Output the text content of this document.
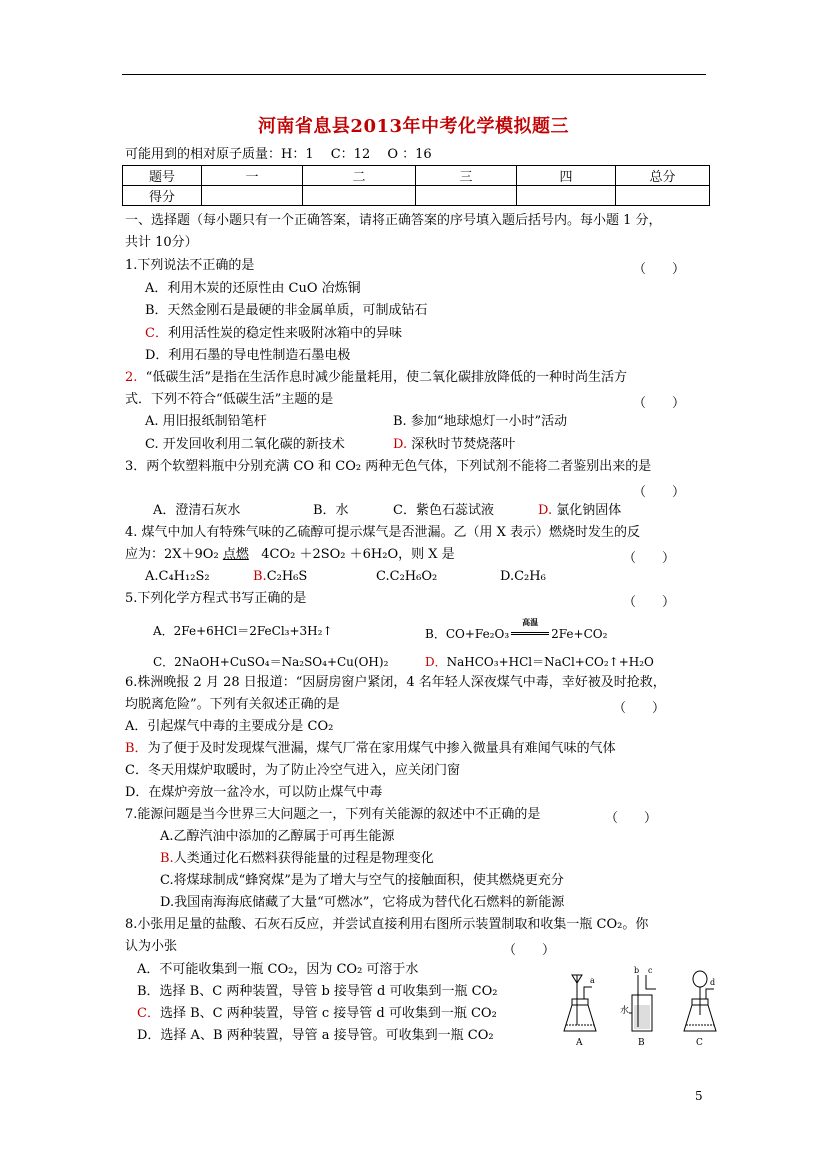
河南省息县2013年中考化学模拟题三
可能用到的相对原子质量：H：1　 C：12　 O ：16
题号	一	二	三	四	总分
得分					
一、选择题（每小题只有一个正确答案，请将正确答案的序号填入题后括号内。每小题 1 分，
共计 10分）
1.下列说法不正确的是	（　　）
A．利用木炭的还原性由 CuO 冶炼铜
B．天然金刚石是最硬的非金属单质，可制成钻石
C．利用活性炭的稳定性来吸附冰箱中的异味
D．利用石墨的导电性制造石墨电极
2. “低碳生活”是指在生活作息时减少能量耗用，使二氧化碳排放降低的一种时尚生活方
式．下列不符合“低碳生活”主题的是	（　　）
A. 用旧报纸制铅笔杆	B. 参加“地球熄灯一小时”活动
C. 开发回收利用二氧化碳的新技术	D. 深秋时节焚烧落叶
3．两个软塑料瓶中分别充满 CO 和 CO₂ 两种无色气体，下列试剂不能将二者鉴别出来的是
（　　）
A．澄清石灰水	B．水	C．紫色石蕊试液	D. 氯化钠固体
4. 煤气中加人有特殊气味的乙硫醇可提示煤气是否泄漏。乙（用 X 表示）燃烧时发生的反
应为：2X＋9O₂ 点燃   4CO₂ ＋2SO₂ ＋6H₂O，则 X 是	（　　）
A.C₄H₁₂S₂	B.C₂H₆S	C.C₂H₆O₂	D.C₂H₆
5.下列化学方程式书写正确的是	（　　）
A．2Fe+6HCl＝2FeCl₃+3H₂↑	B．CO+Fe₂O₃
高温
2Fe+CO₂
C．2NaOH+CuSO₄＝Na₂SO₄+Cu(OH)₂	D．NaHCO₃+HCl＝NaCl+CO₂↑+H₂O
6.株洲晚报 2 月 28 日报道：“因厨房窗户紧闭，4 名年轻人深夜煤气中毒，幸好被及时抢救，
均脱离危险”。下列有关叙述正确的是	（　　）
A．引起煤气中毒的主要成分是 CO₂
B．为了便于及时发现煤气泄漏，煤气厂常在家用煤气中掺入微量具有难闻气味的气体
C．冬天用煤炉取暖时，为了防止冷空气进入，应关闭门窗
D．在煤炉旁放一盆冷水，可以防止煤气中毒
7.能源问题是当今世界三大问题之一，下列有关能源的叙述中不正确的是	（　　）
A.乙醇汽油中添加的乙醇属于可再生能源
B.人类通过化石燃料获得能量的过程是物理变化
C.将煤球制成“蜂窝煤”是为了增大与空气的接触面积，使其燃烧更充分
D.我国南海海底储藏了大量“可燃冰”，它将成为替代化石燃料的新能源
8.小张用足量的盐酸、石灰石反应，并尝试直接利用右图所示装置制取和收集一瓶 CO₂。你
认为小张	（　　）
A．不可能收集到一瓶 CO₂，因为 CO₂ 可溶于水
B．选择 B、C 两种装置，导管 b 接导管 d 可收集到一瓶 CO₂
C．选择 B、C 两种装置，导管 c 接导管 d 可收集到一瓶 CO₂
D．选择 A、B 两种装置，导管 a 接导管。可收集到一瓶 CO₂
a
b c
d
水
A	B	C
5
